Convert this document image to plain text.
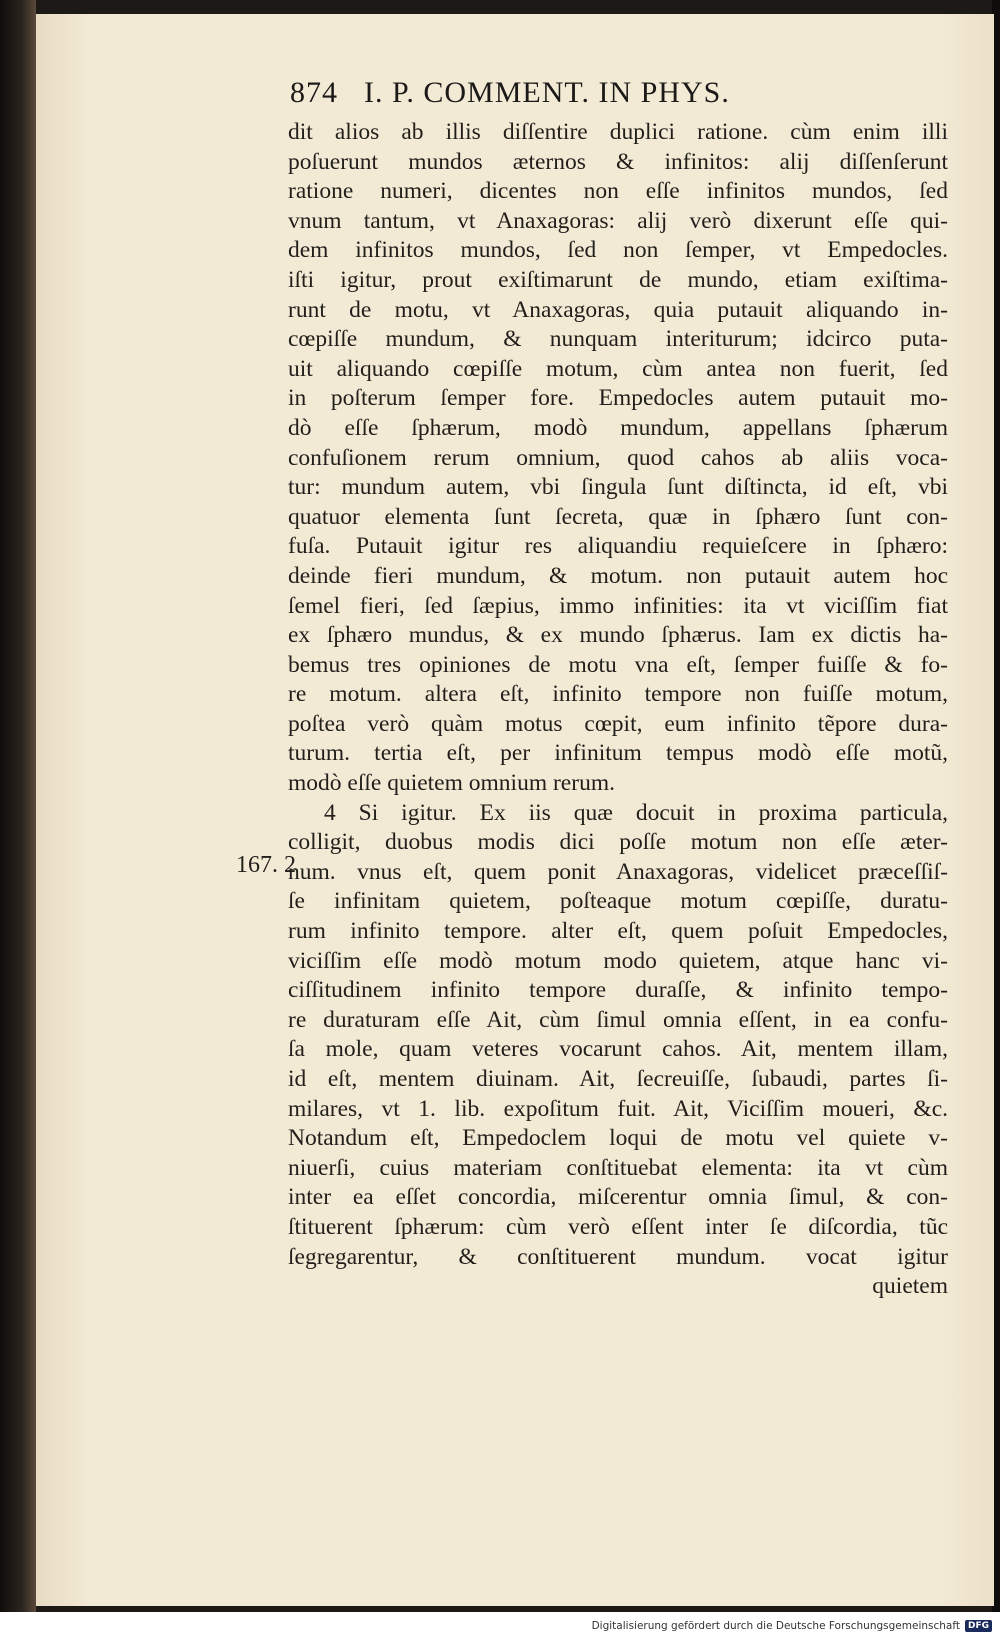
874 I. P. COMMENT. IN PHYS.
167. 2
dit alios ab illis diſſentire duplici ratione. cùm enim illi
poſuerunt mundos æternos & infinitos: alij diſſenſerunt
ratione numeri, dicentes non eſſe infinitos mundos, ſed
vnum tantum, vt Anaxagoras: alij verò dixerunt eſſe qui-
dem infinitos mundos, ſed non ſemper, vt Empedocles.
iſti igitur, prout exiſtimarunt de mundo, etiam exiſtima-
runt de motu, vt Anaxagoras, quia putauit aliquando in-
cœpiſſe mundum, & nunquam interiturum; idcirco puta-
uit aliquando cœpiſſe motum, cùm antea non fuerit, ſed
in poſterum ſemper fore. Empedocles autem putauit mo-
dò eſſe ſphærum, modò mundum, appellans ſphærum
confuſionem rerum omnium, quod cahos ab aliis voca-
tur: mundum autem, vbi ſingula ſunt diſtincta, id eſt, vbi
quatuor elementa ſunt ſecreta, quæ in ſphæro ſunt con-
fuſa. Putauit igitur res aliquandiu requieſcere in ſphæro:
deinde fieri mundum, & motum. non putauit autem hoc
ſemel fieri, ſed ſæpius, immo infinities: ita vt viciſſim fiat
ex ſphæro mundus, & ex mundo ſphærus. Iam ex dictis ha-
bemus tres opiniones de motu vna eſt, ſemper fuiſſe & fo-
re motum. altera eſt, infinito tempore non fuiſſe motum,
poſtea verò quàm motus cœpit, eum infinito tẽpore dura-
turum. tertia eſt, per infinitum tempus modò eſſe motũ,
modò eſſe quietem omnium rerum.
4 Si igitur. Ex iis quæ docuit in proxima particula,
colligit, duobus modis dici poſſe motum non eſſe æter-
num. vnus eſt, quem ponit Anaxagoras, videlicet præceſſiſ-
ſe infinitam quietem, poſteaque motum cœpiſſe, duratu-
rum infinito tempore. alter eſt, quem poſuit Empedocles,
viciſſim eſſe modò motum modo quietem, atque hanc vi-
ciſſitudinem infinito tempore duraſſe, & infinito tempo-
re duraturam eſſe Ait, cùm ſimul omnia eſſent, in ea confu-
ſa mole, quam veteres vocarunt cahos. Ait, mentem illam,
id eſt, mentem diuinam. Ait, ſecreuiſſe, ſubaudi, partes ſi-
milares, vt 1. lib. expoſitum fuit. Ait, Viciſſim moueri, &c.
Notandum eſt, Empedoclem loqui de motu vel quiete v-
niuerſi, cuius materiam conſtituebat elementa: ita vt cùm
inter ea eſſet concordia, miſcerentur omnia ſimul, & con-
ſtituerent ſphærum: cùm verò eſſent inter ſe diſcordia, tũc
ſegregarentur, & conſtituerent mundum. vocat igitur
quietem
Digitalisierung gefördert durch die Deutsche Forschungsgemeinschaft DFG
